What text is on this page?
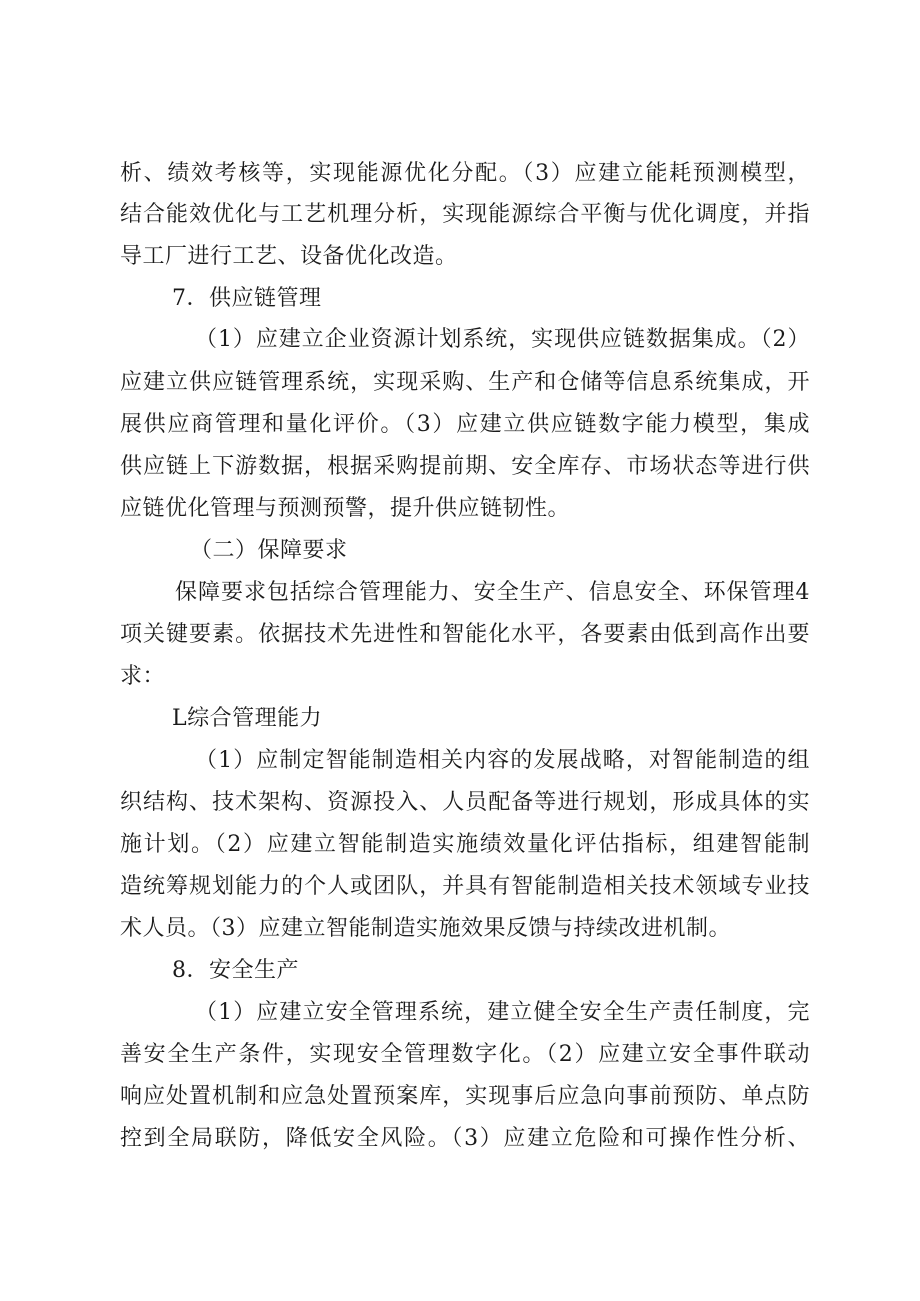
析、绩效考核等，实现能源优化分配。（3）应建立能耗预测模型，
结合能效优化与工艺机理分析，实现能源综合平衡与优化调度，并指
导工厂进行工艺、设备优化改造。
7．供应链管理
（1）应建立企业资源计划系统，实现供应链数据集成。（2）
应建立供应链管理系统，实现采购、生产和仓储等信息系统集成，开
展供应商管理和量化评价。（3）应建立供应链数字能力模型，集成
供应链上下游数据，根据采购提前期、安全库存、市场状态等进行供
应链优化管理与预测预警，提升供应链韧性。
（二）保障要求
保障要求包括综合管理能力、安全生产、信息安全、环保管理4
项关键要素。依据技术先进性和智能化水平，各要素由低到高作出要
求：
L综合管理能力
（1）应制定智能制造相关内容的发展战略，对智能制造的组
织结构、技术架构、资源投入、人员配备等进行规划，形成具体的实
施计划。（2）应建立智能制造实施绩效量化评估指标，组建智能制
造统筹规划能力的个人或团队，并具有智能制造相关技术领域专业技
术人员。（3）应建立智能制造实施效果反馈与持续改进机制。
8．安全生产
（1）应建立安全管理系统，建立健全安全生产责任制度，完
善安全生产条件，实现安全管理数字化。（2）应建立安全事件联动
响应处置机制和应急处置预案库，实现事后应急向事前预防、单点防
控到全局联防，降低安全风险。（3）应建立危险和可操作性分析、
